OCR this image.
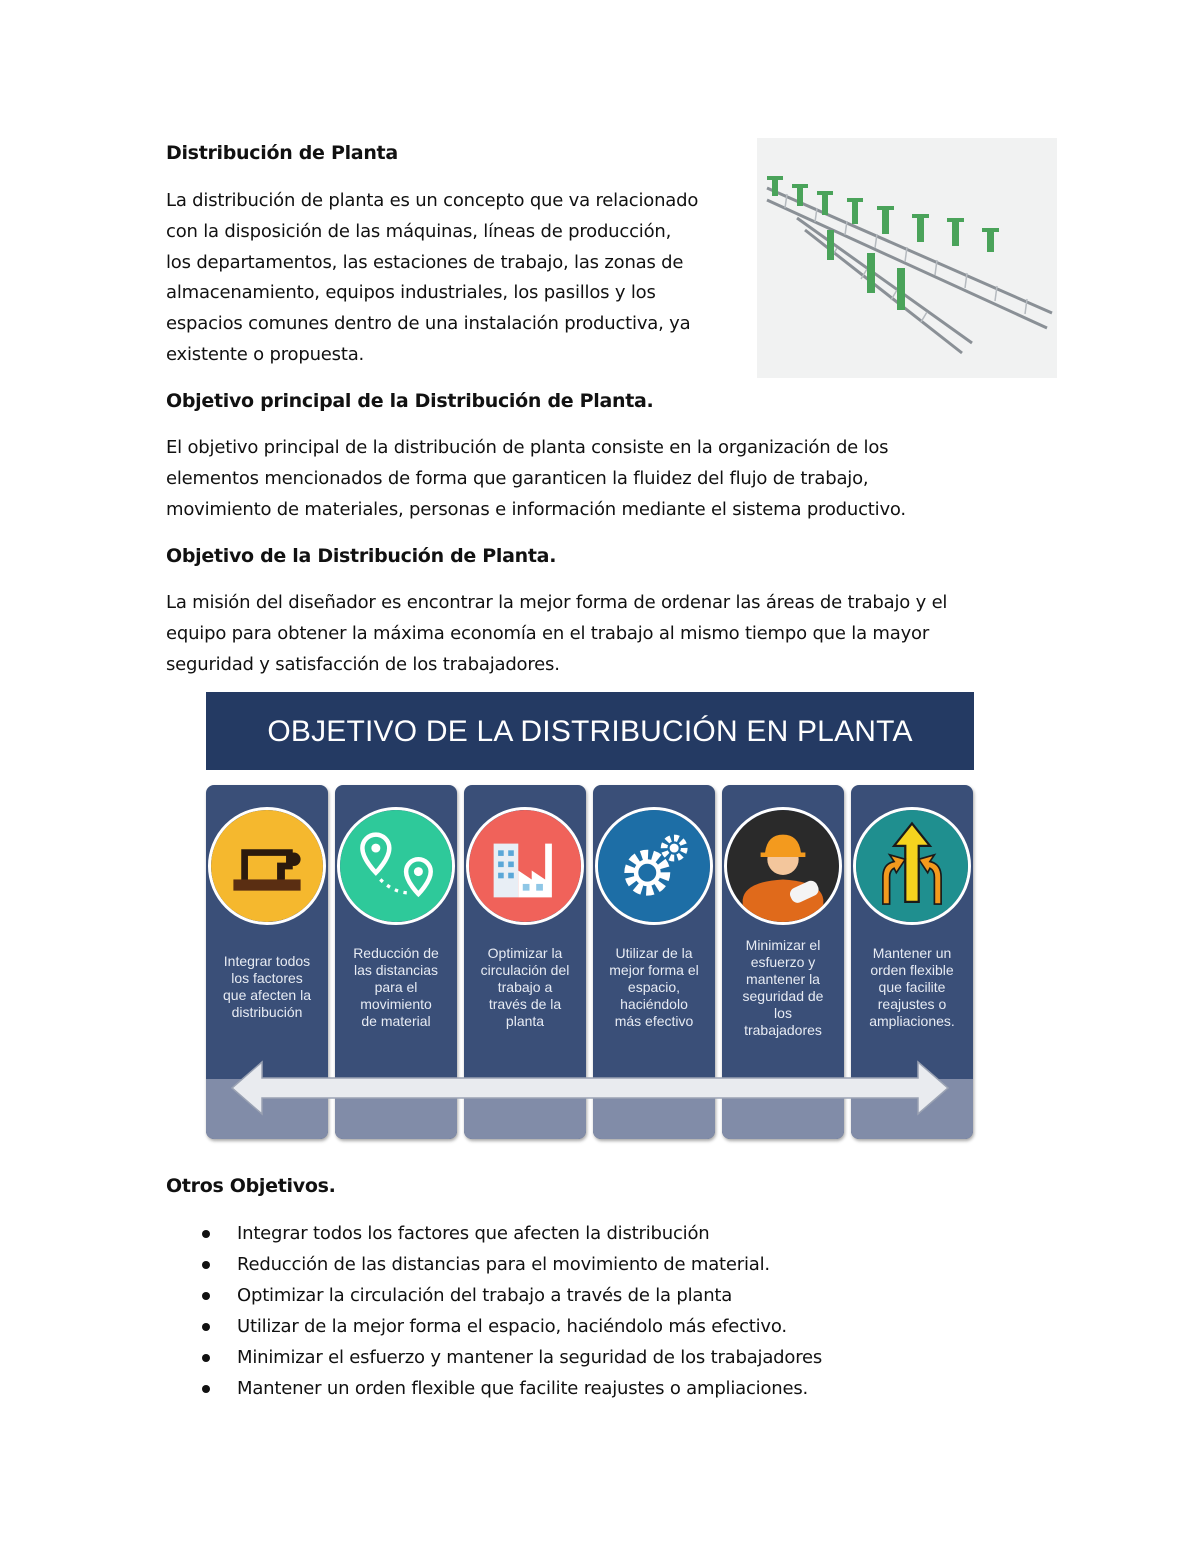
Distribución de Planta

La distribución de planta es un concepto que va relacionado
con la disposición de las máquinas, líneas de producción,
los departamentos, las estaciones de trabajo, las zonas de
almacenamiento, equipos industriales, los pasillos y los
espacios comunes dentro de una instalación productiva, ya
existente o propuesta.

Objetivo principal de la Distribución de Planta.

El objetivo principal de la distribución de planta consiste en la organización de los
elementos mencionados de forma que garanticen la fluidez del flujo de trabajo,
movimiento de materiales, personas e información mediante el sistema productivo.

Objetivo de la Distribución de Planta.

La misión del diseñador es encontrar la mejor forma de ordenar las áreas de trabajo y el
equipo para obtener la máxima economía en el trabajo al mismo tiempo que la mayor
seguridad y satisfacción de los trabajadores.

OBJETIVO DE LA DISTRIBUCIÓN EN PLANTA
Integrar todos
los factores
que afecten la
distribución
Reducción de
las distancias
para el
movimiento
de material
Optimizar la
circulación del
trabajo a
través de la
planta
Utilizar de la
mejor forma el
espacio,
haciéndolo
más efectivo
Minimizar el
esfuerzo y
mantener la
seguridad de
los
trabajadores
Mantener un
orden flexible
que facilite
reajustes o
ampliaciones.
Otros Objetivos.
Integrar todos los factores que afecten la distribución
Reducción de las distancias para el movimiento de material.
Optimizar la circulación del trabajo a través de la planta
Utilizar de la mejor forma el espacio, haciéndolo más efectivo.
Minimizar el esfuerzo y mantener la seguridad de los trabajadores
Mantener un orden flexible que facilite reajustes o ampliaciones.
